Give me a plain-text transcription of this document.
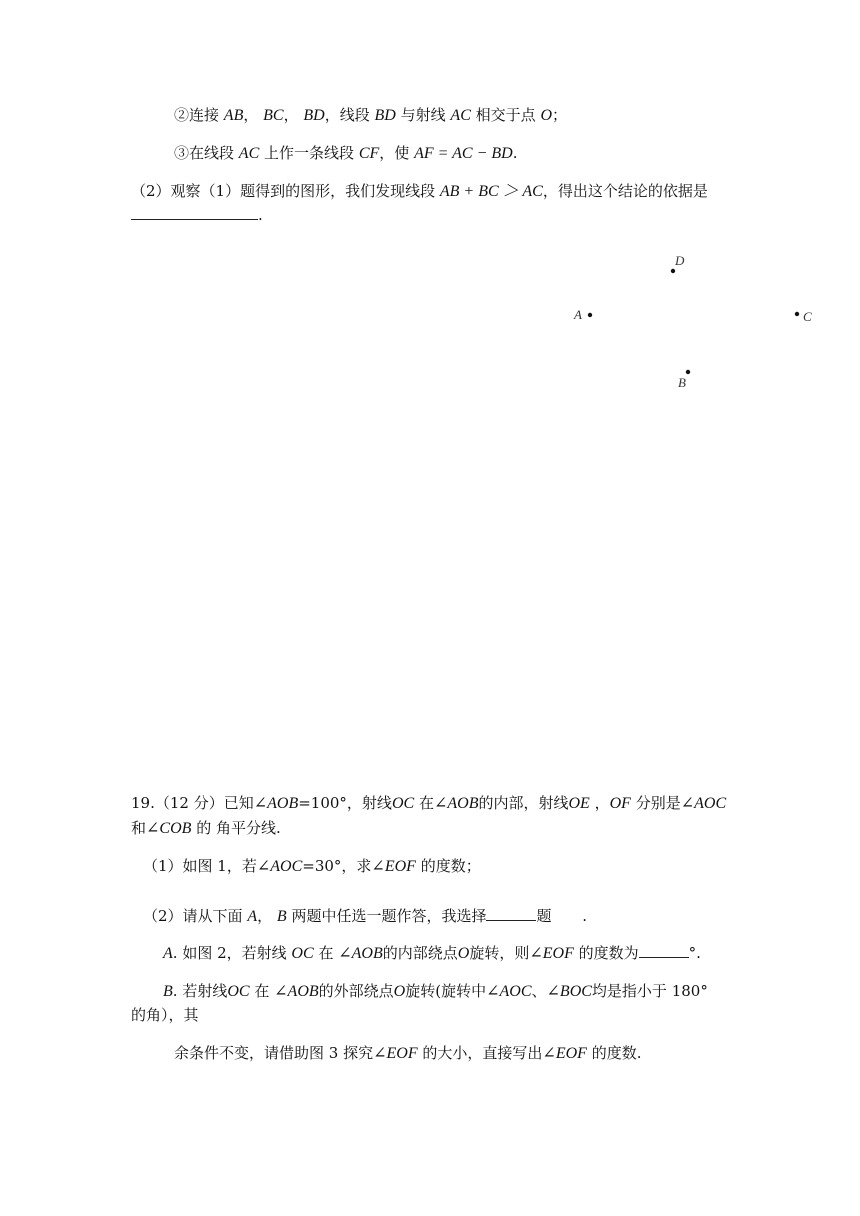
②连接 AB， BC， BD，线段 BD 与射线 AC 相交于点 O；
③在线段 AC 上作一条线段 CF，使 AF = AC − BD.
（2）观察（1）题得到的图形，我们发现线段 AB + BC ＞ AC，得出这个结论的依据是
.
D
A	C
B
19.（12 分）已知∠AOB=100°，射线OC 在∠AOB的内部，射线OE ，OF 分别是∠AOC
和∠COB 的 角平分线.
（1）如图 1，若∠AOC=30°，求∠EOF 的度数；
（2）请从下面 A， B 两题中任选一题作答，我选择	题 .
A. 如图 2，若射线 OC 在 ∠AOB的内部绕点O旋转，则∠EOF 的度数为	°.
B. 若射线OC 在 ∠AOB的外部绕点O旋转(旋转中∠AOC、∠BOC均是指小于 180°
的角），其
余条件不变，请借助图 3 探究∠EOF 的大小，直接写出∠EOF 的度数.
